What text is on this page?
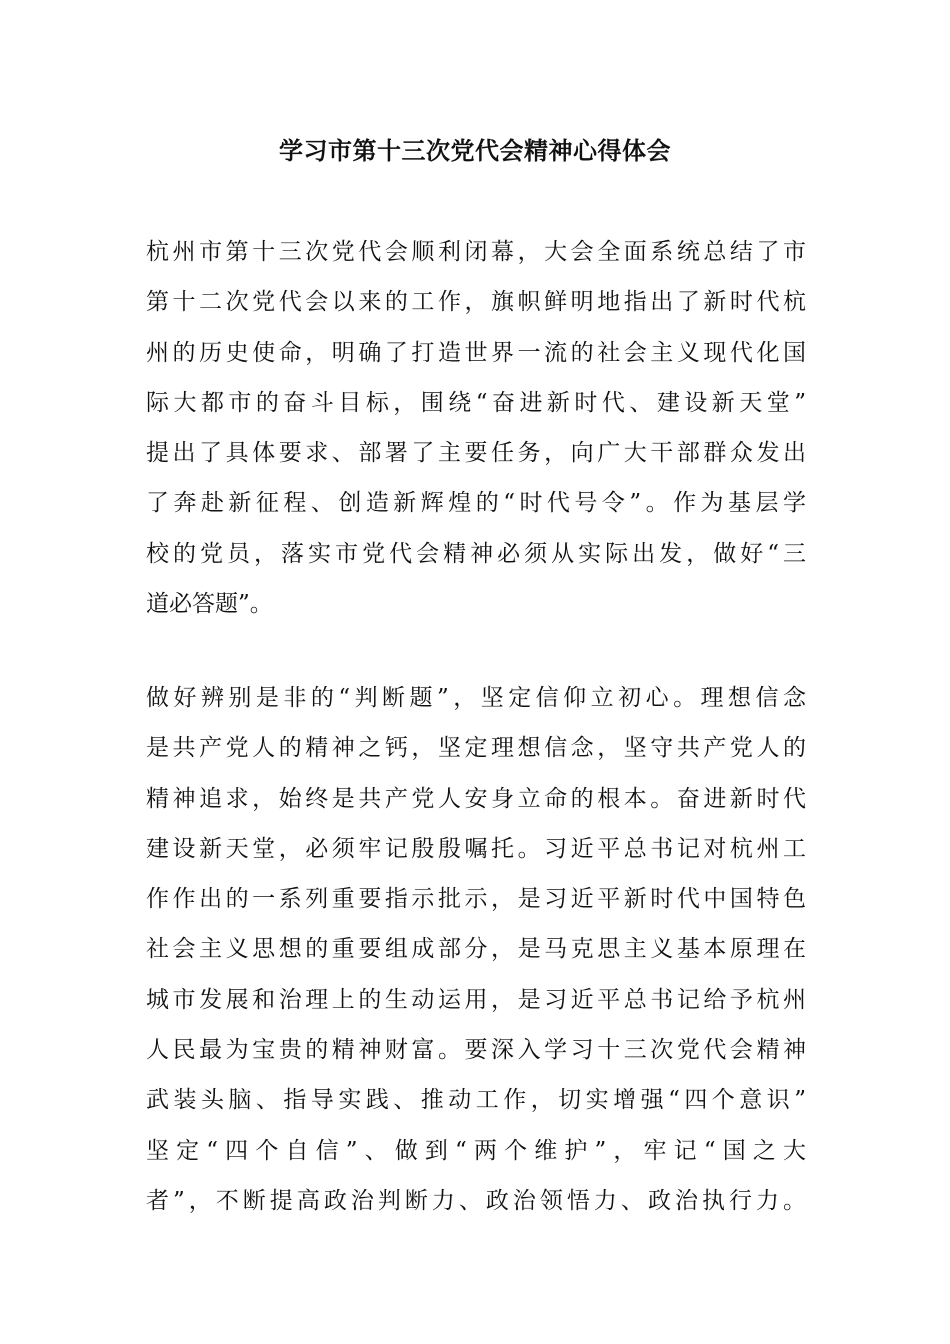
学习市第十三次党代会精神心得体会
杭州市第十三次党代会顺利闭幕，大会全面系统总结了市
第十二次党代会以来的工作，旗帜鲜明地指出了新时代杭
州的历史使命，明确了打造世界一流的社会主义现代化国
际大都市的奋斗目标，围绕“奋进新时代、建设新天堂”
提出了具体要求、部署了主要任务，向广大干部群众发出
了奔赴新征程、创造新辉煌的“时代号令”。作为基层学
校的党员，落实市党代会精神必须从实际出发，做好“三
道必答题”。
做好辨别是非的“判断题”，坚定信仰立初心。理想信念
是共产党人的精神之钙，坚定理想信念，坚守共产党人的
精神追求，始终是共产党人安身立命的根本。奋进新时代
建设新天堂，必须牢记殷殷嘱托。习近平总书记对杭州工
作作出的一系列重要指示批示，是习近平新时代中国特色
社会主义思想的重要组成部分，是马克思主义基本原理在
城市发展和治理上的生动运用，是习近平总书记给予杭州
人民最为宝贵的精神财富。要深入学习十三次党代会精神
武装头脑、指导实践、推动工作，切实增强“四个意识”
坚定“四个自信”、做到“两个维护”，牢记“国之大
者”，不断提高政治判断力、政治领悟力、政治执行力。
